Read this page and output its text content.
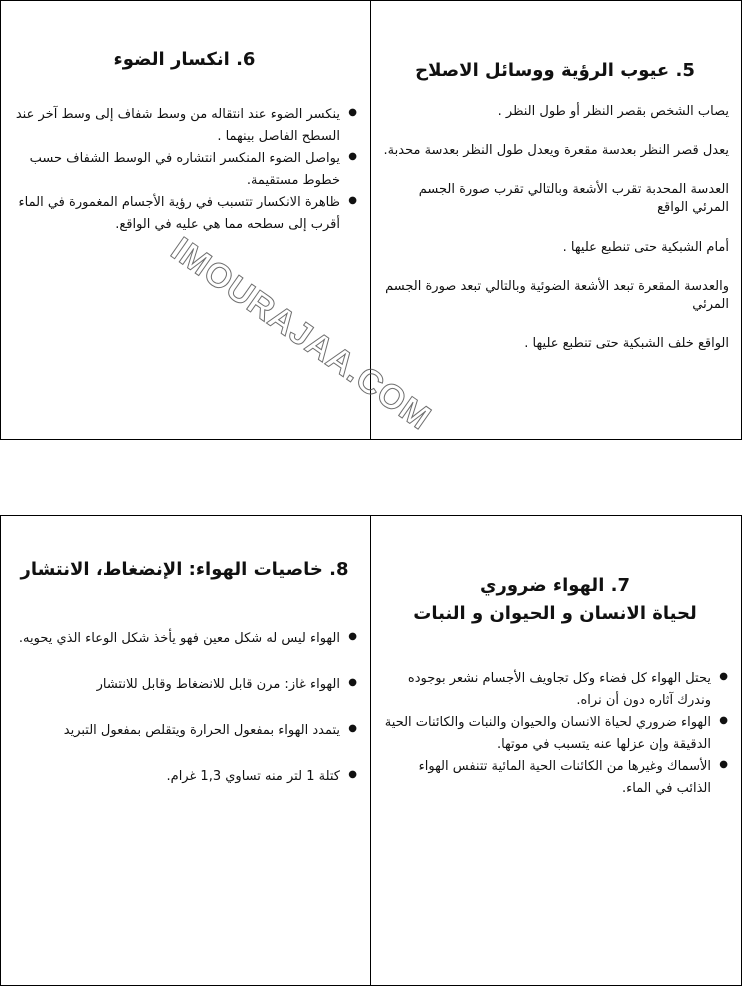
5. عيوب الرؤية ووسائل الاصلاح

يصاب الشخص بقصر النظر أو طول النظر .

يعدل قصر النظر بعدسة مقعرة ويعدل طول النظر بعدسة محدبة.

العدسة المحدبة تقرب الأشعة وبالتالي تقرب صورة الجسم المرئي الواقع

أمام الشبكية حتى تنطبع عليها .

والعدسة المقعرة تبعد الأشعة الضوئية وبالتالي تبعد صورة الجسم المرئي

الواقع خلف الشبكية حتى تنطبع عليها .

6. انكسار الضوء
● ينكسر الضوء عند انتقاله من وسط شفاف إلى وسط آخر عند السطح الفاصل بينهما .
● يواصل الضوء المنكسر انتشاره في الوسط الشفاف حسب خطوط مستقيمة.
● ظاهرة الانكسار تتسبب في رؤية الأجسام المغمورة في الماء أقرب إلى سطحه مما هي عليه في الواقع.
IMOURAJAA.COM
7. الهواء ضروري
لحياة الانسان و الحيوان و النبات
● يحتل الهواء كل فضاء وكل تجاويف الأجسام نشعر بوجوده وندرك آثاره دون أن نراه.
● الهواء ضروري لحياة الانسان والحيوان والنبات والكائنات الحية الدقيقة وإن عزلها عنه يتسبب في موتها.
● الأسماك وغيرها من الكائنات الحية المائية تتنفس الهواء الذائب في الماء.
8. خاصيات الهواء: الإنضغاط، الانتشار
● الهواء ليس له شكل معين فهو يأخذ شكل الوعاء الذي يحويه.
● الهواء غاز: مرن قابل للانضغاط وقابل للانتشار
● يتمدد الهواء بمفعول الحرارة ويتقلص بمفعول التبريد
● كتلة 1 لتر منه تساوي 1,3 غرام.
